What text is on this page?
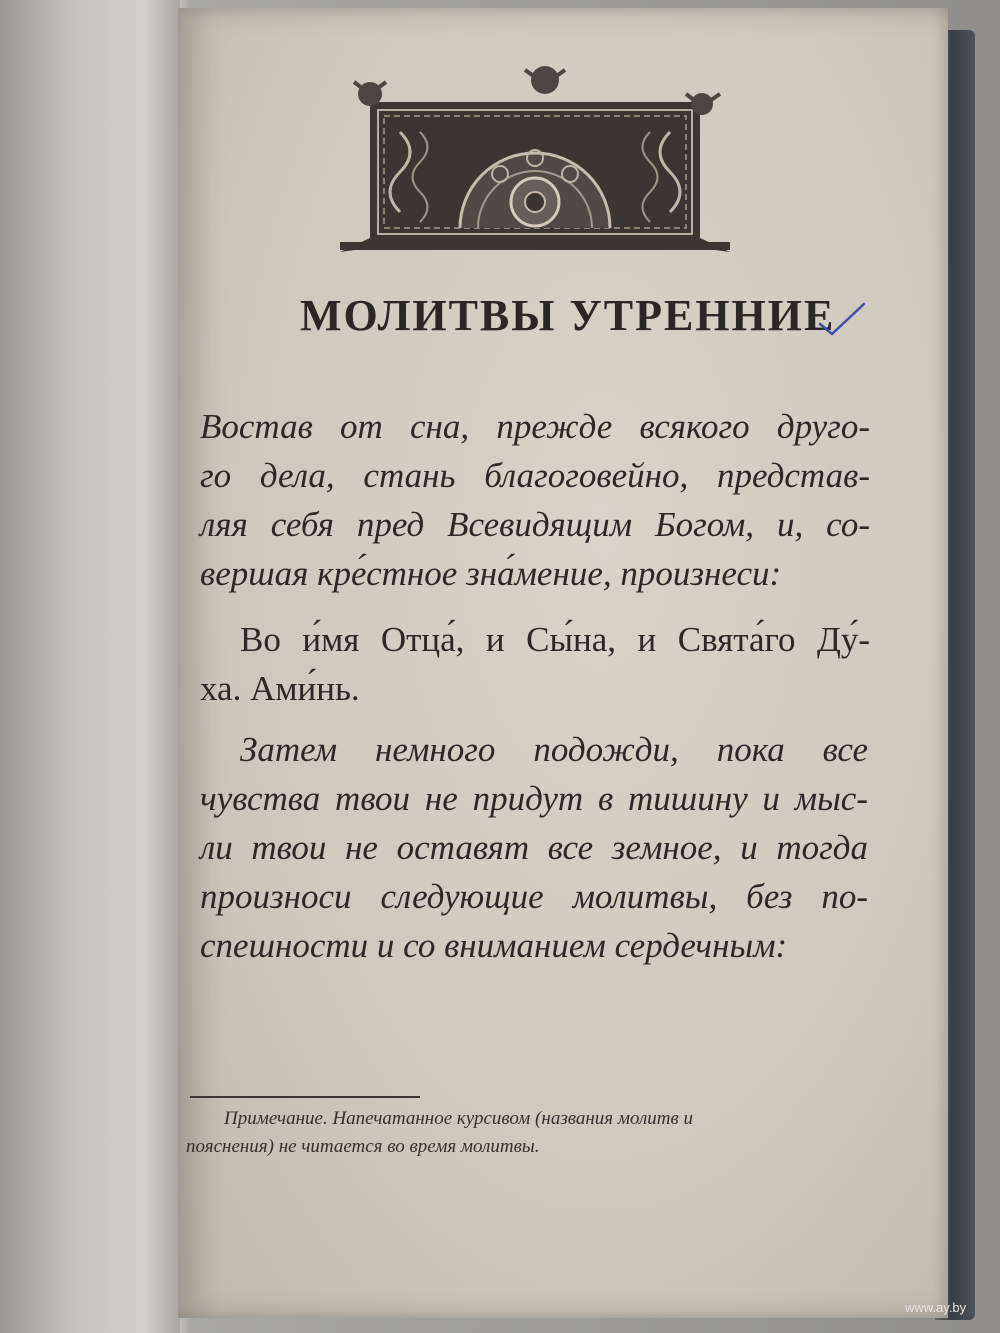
МОЛИТВЫ УТРЕННИЕ
Востав от сна, прежде всякого друго-
го дела, стань благоговейно, представ-
ляя себя пред Всевидящим Богом, и, со-
вершая кре́стное зна́мение, произнеси:
Во и́мя Отца́, и Сы́на, и Свята́го Ду́-
ха. Ами́нь.
Затем немного подожди, пока все
чувства твои не придут в тишину и мыс-
ли твои не оставят все земное, и тогда
произноси следующие молитвы, без по-
спешности и со вниманием сердечным:
Примечание. Напечатанное курсивом (названия молитв и
пояснения) не читается во время молитвы.
www.ay.by
